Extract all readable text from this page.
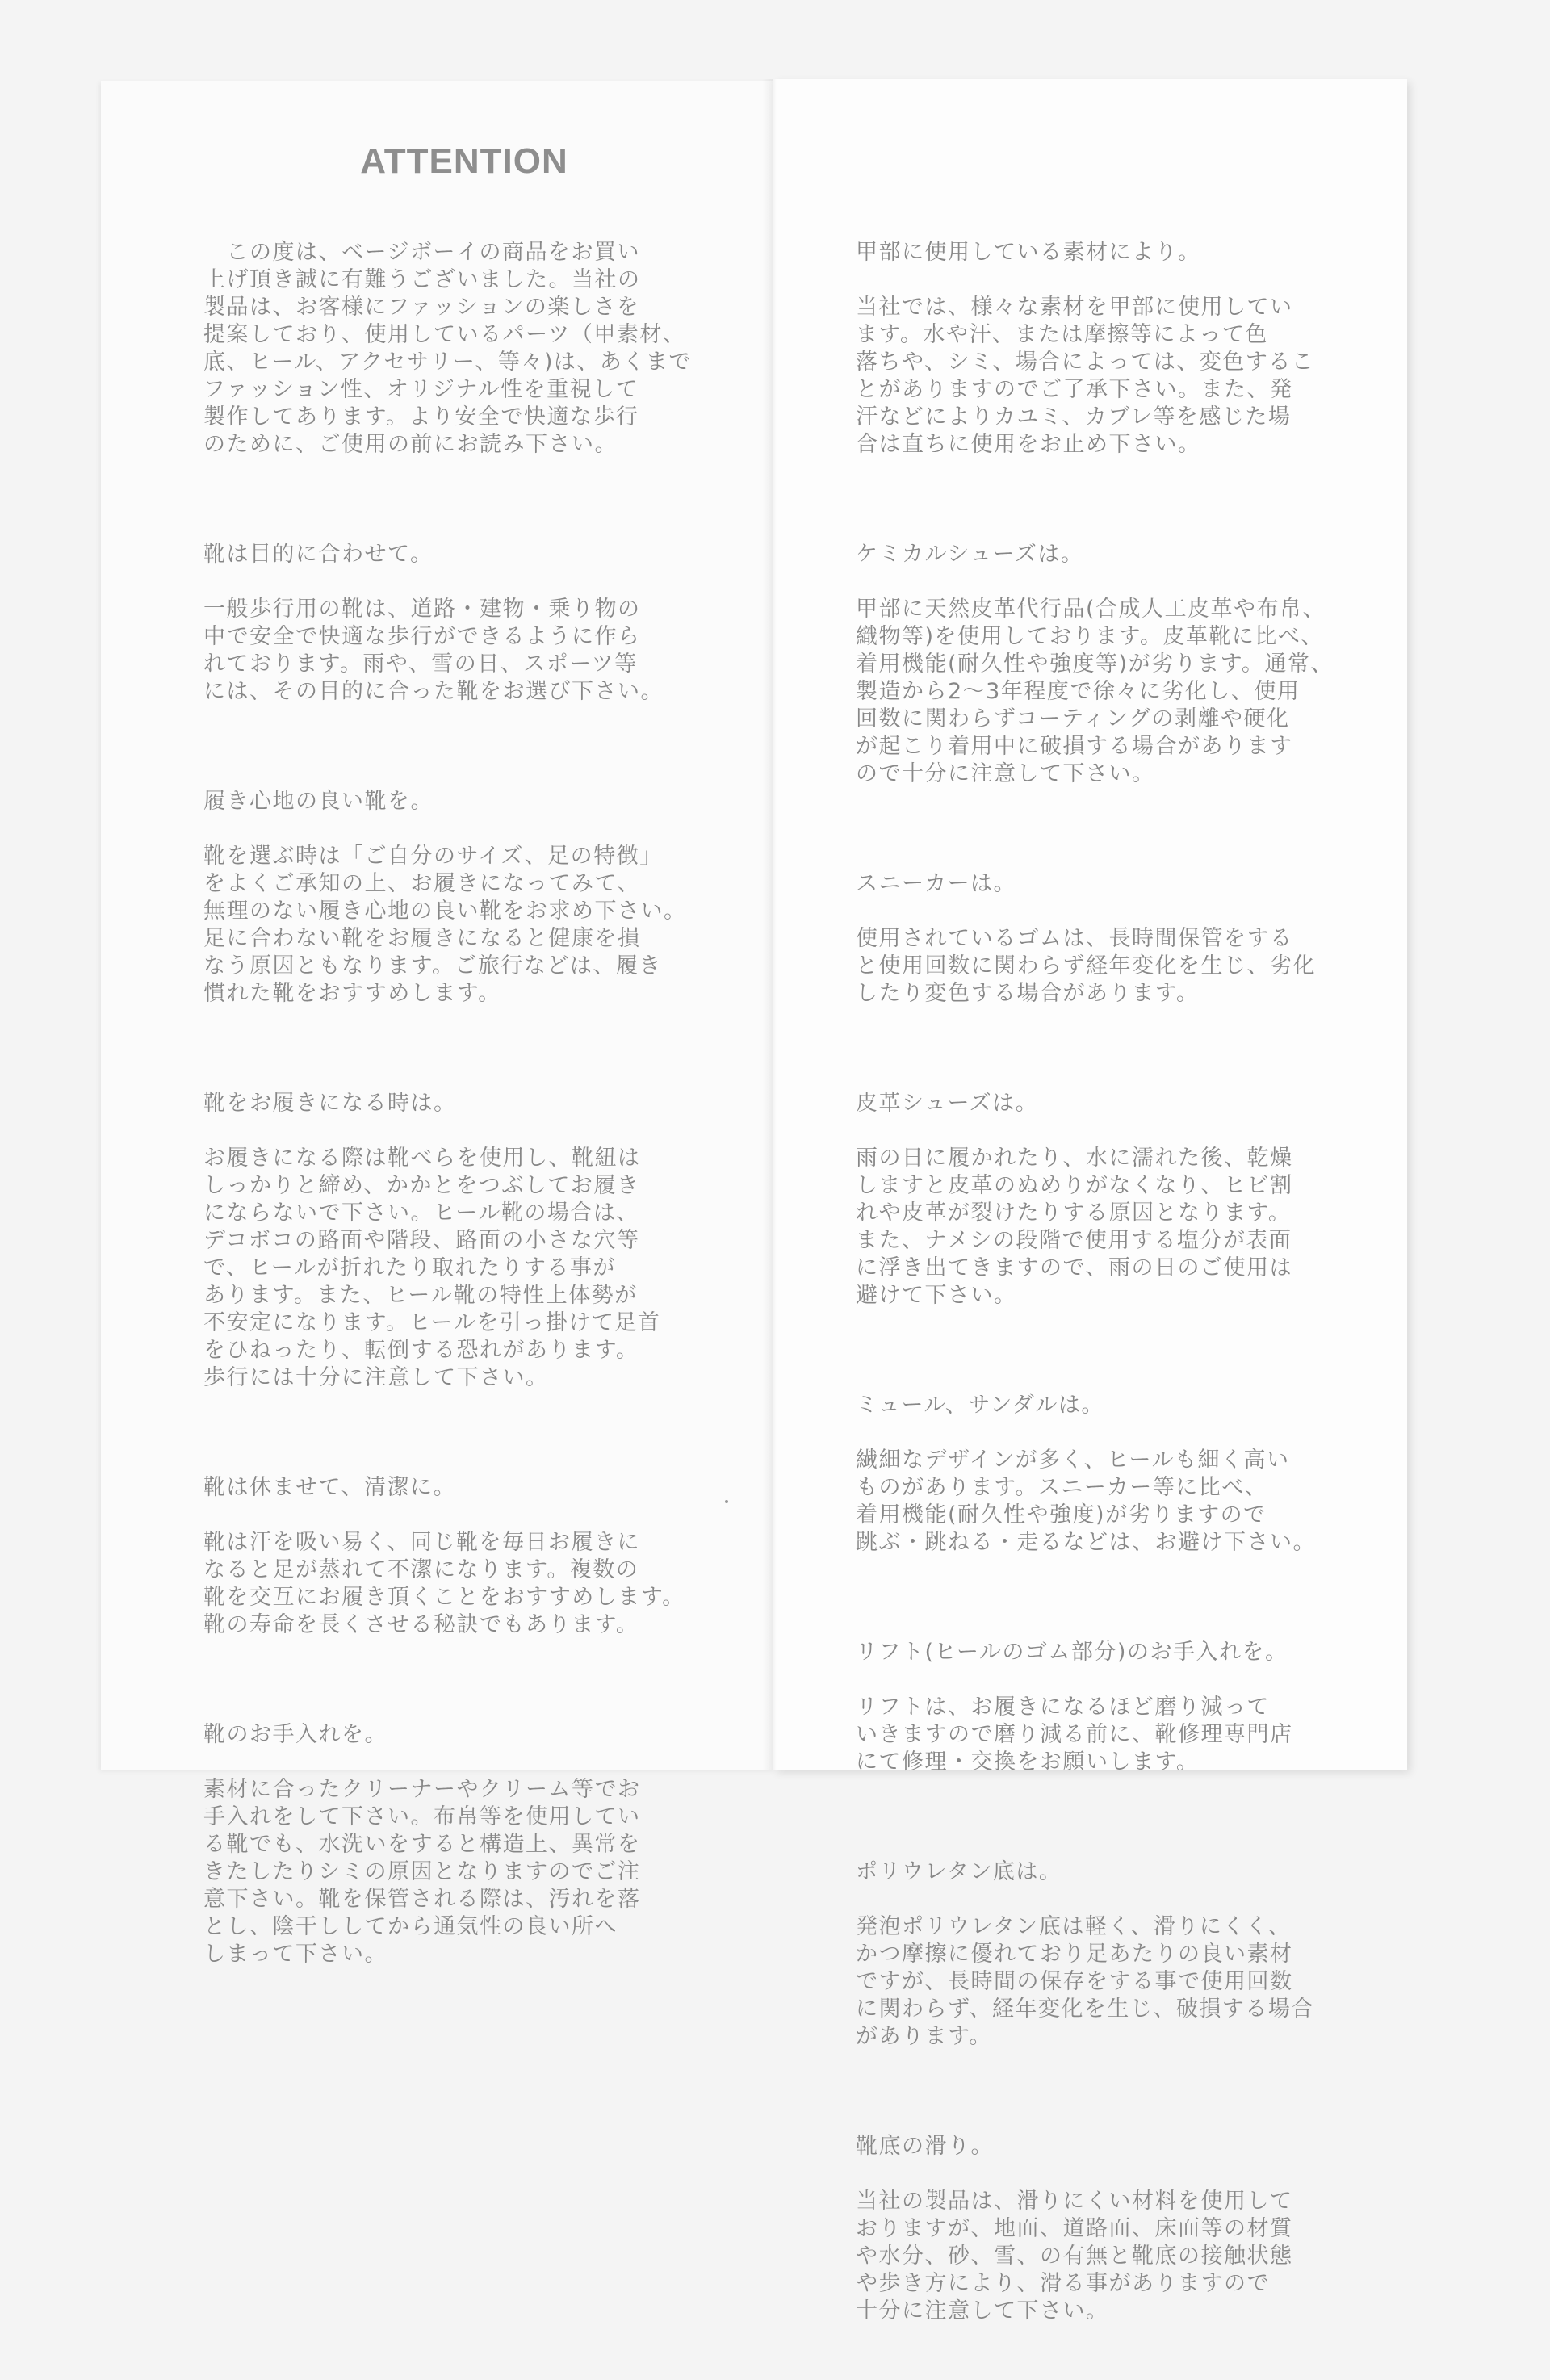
ATTENTION

　この度は、ベージボーイの商品をお買い
上げ頂き誠に有難うございました。当社の
製品は、お客様にファッションの楽しさを
提案しており、使用しているパーツ（甲素材、
底、ヒール、アクセサリー、等々)は、あくまで
ファッション性、オリジナル性を重視して
製作してあります。より安全で快適な歩行
のために、ご使用の前にお読み下さい。

靴は目的に合わせて。

一般歩行用の靴は、道路・建物・乗り物の
中で安全で快適な歩行ができるように作ら
れております。雨や、雪の日、スポーツ等
には、その目的に合った靴をお選び下さい。

履き心地の良い靴を。

靴を選ぶ時は「ご自分のサイズ、足の特徴」
をよくご承知の上、お履きになってみて、
無理のない履き心地の良い靴をお求め下さい。
足に合わない靴をお履きになると健康を損
なう原因ともなります。ご旅行などは、履き
慣れた靴をおすすめします。

靴をお履きになる時は。

お履きになる際は靴べらを使用し、靴紐は
しっかりと締め、かかとをつぶしてお履き
にならないで下さい。ヒール靴の場合は、
デコボコの路面や階段、路面の小さな穴等
で、ヒールが折れたり取れたりする事が
あります。また、ヒール靴の特性上体勢が
不安定になります。ヒールを引っ掛けて足首
をひねったり、転倒する恐れがあります。
歩行には十分に注意して下さい。

靴は休ませて、清潔に。

靴は汗を吸い易く、同じ靴を毎日お履きに
なると足が蒸れて不潔になります。複数の
靴を交互にお履き頂くことをおすすめします。
靴の寿命を長くさせる秘訣でもあります。

靴のお手入れを。

素材に合ったクリーナーやクリーム等でお
手入れをして下さい。布帛等を使用してい
る靴でも、水洗いをすると構造上、異常を
きたしたりシミの原因となりますのでご注
意下さい。靴を保管される際は、汚れを落
とし、陰干ししてから通気性の良い所へ
しまって下さい。

甲部に使用している素材により。

当社では、様々な素材を甲部に使用してい
ます。水や汗、または摩擦等によって色
落ちや、シミ、場合によっては、変色するこ
とがありますのでご了承下さい。また、発
汗などによりカユミ、カブレ等を感じた場
合は直ちに使用をお止め下さい。

ケミカルシューズは。

甲部に天然皮革代行品(合成人工皮革や布帛、
織物等)を使用しております。皮革靴に比べ、
着用機能(耐久性や強度等)が劣ります。通常、
製造から2〜3年程度で徐々に劣化し、使用
回数に関わらずコーティングの剥離や硬化
が起こり着用中に破損する場合があります
ので十分に注意して下さい。

スニーカーは。

使用されているゴムは、長時間保管をする
と使用回数に関わらず経年変化を生じ、劣化
したり変色する場合があります。

皮革シューズは。

雨の日に履かれたり、水に濡れた後、乾燥
しますと皮革のぬめりがなくなり、ヒビ割
れや皮革が裂けたりする原因となります。
また、ナメシの段階で使用する塩分が表面
に浮き出てきますので、雨の日のご使用は
避けて下さい。

ミュール、サンダルは。

繊細なデザインが多く、ヒールも細く高い
ものがあります。スニーカー等に比べ、
着用機能(耐久性や強度)が劣りますので
跳ぶ・跳ねる・走るなどは、お避け下さい。

リフト(ヒールのゴム部分)のお手入れを。

リフトは、お履きになるほど磨り減って
いきますので磨り減る前に、靴修理専門店
にて修理・交換をお願いします。

ポリウレタン底は。

発泡ポリウレタン底は軽く、滑りにくく、
かつ摩擦に優れており足あたりの良い素材
ですが、長時間の保存をする事で使用回数
に関わらず、経年変化を生じ、破損する場合
があります。

靴底の滑り。

当社の製品は、滑りにくい材料を使用して
おりますが、地面、道路面、床面等の材質
や水分、砂、雪、の有無と靴底の接触状態
や歩き方により、滑る事がありますので
十分に注意して下さい。
